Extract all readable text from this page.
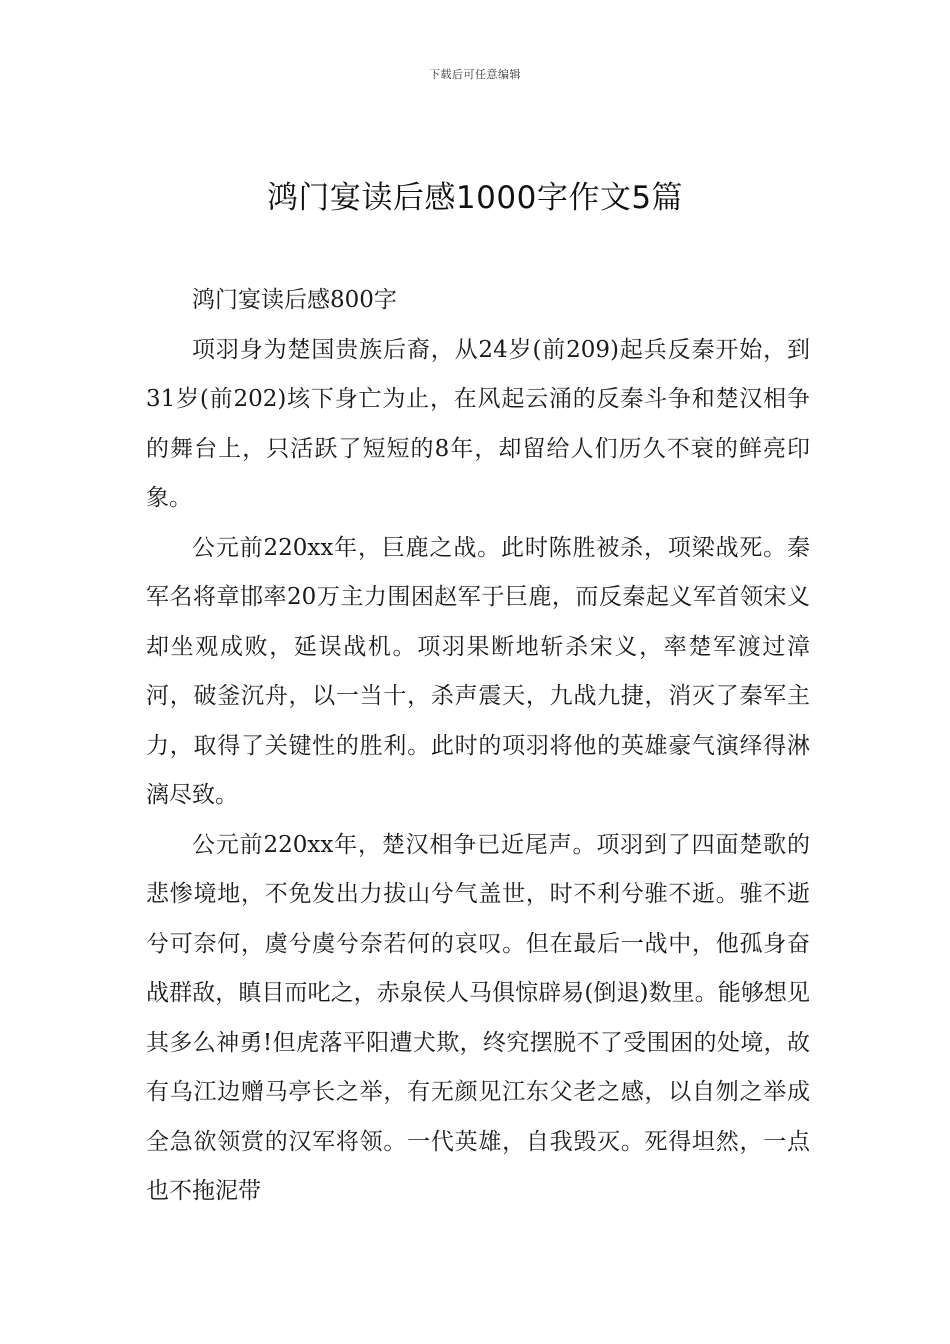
下载后可任意编辑
鸿门宴读后感1000字作文5篇

鸿门宴读后感800字

项羽身为楚国贵族后裔，从24岁(前209)起兵反秦开始，到31岁(前202)垓下身亡为止，在风起云涌的反秦斗争和楚汉相争的舞台上，只活跃了短短的8年，却留给人们历久不衰的鲜亮印象。

公元前220xx年，巨鹿之战。此时陈胜被杀，项梁战死。秦军名将章邯率20万主力围困赵军于巨鹿，而反秦起义军首领宋义却坐观成败，延误战机。项羽果断地斩杀宋义，率楚军渡过漳河，破釜沉舟，以一当十，杀声震天，九战九捷，消灭了秦军主力，取得了关键性的胜利。此时的项羽将他的英雄豪气演绎得淋漓尽致。

公元前220xx年，楚汉相争已近尾声。项羽到了四面楚歌的悲惨境地，不免发出力拔山兮气盖世，时不利兮骓不逝。骓不逝兮可奈何，虞兮虞兮奈若何的哀叹。但在最后一战中，他孤身奋战群敌，瞋目而叱之，赤泉侯人马俱惊辟易(倒退)数里。能够想见其多么神勇!但虎落平阳遭犬欺，终究摆脱不了受围困的处境，故有乌江边赠马亭长之举，有无颜见江东父老之感，以自刎之举成全急欲领赏的汉军将领。一代英雄，自我毁灭。死得坦然，一点也不拖泥带
